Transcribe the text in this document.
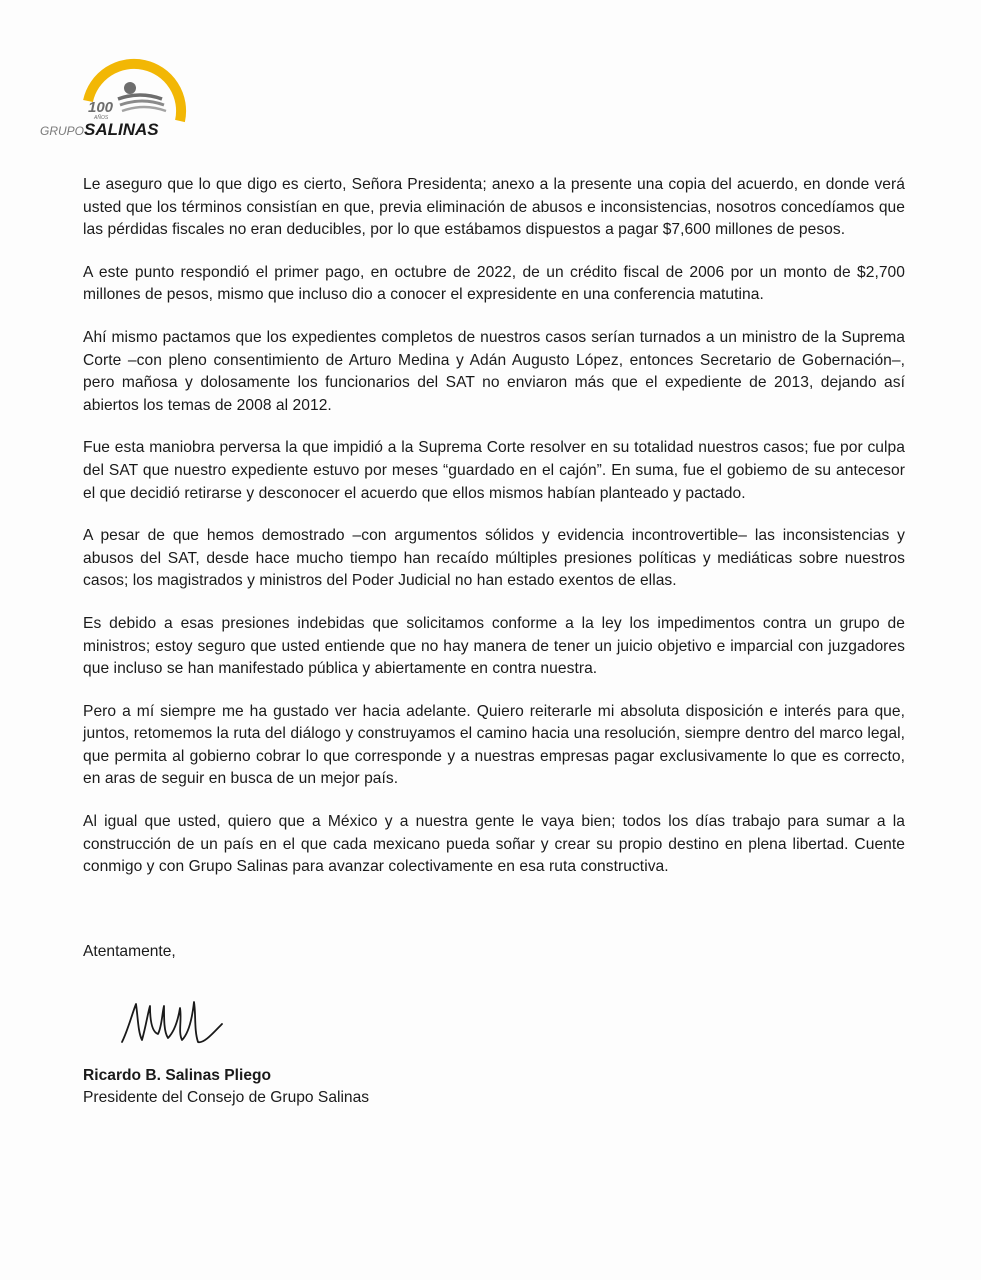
100
AÑOS
GRUPO SALINAS

Le aseguro que lo que digo es cierto, Señora Presidenta; anexo a la presente una copia del acuerdo, en donde verá usted que los términos consistían en que, previa eliminación de abusos e inconsistencias, nosotros concedíamos que las pérdidas fiscales no eran deducibles, por lo que estábamos dispuestos a pagar $7,600 millones de pesos.

A este punto respondió el primer pago, en octubre de 2022, de un crédito fiscal de 2006 por un monto de $2,700 millones de pesos, mismo que incluso dio a conocer el expresidente en una conferencia matutina.

Ahí mismo pactamos que los expedientes completos de nuestros casos serían turnados a un ministro de la Suprema Corte –con pleno consentimiento de Arturo Medina y Adán Augusto López, entonces Secretario de Gobernación–, pero mañosa y dolosamente los funcionarios del SAT no enviaron más que el expediente de 2013, dejando así abiertos los temas de 2008 al 2012.

Fue esta maniobra perversa la que impidió a la Suprema Corte resolver en su totalidad nuestros casos; fue por culpa del SAT que nuestro expediente estuvo por meses “guardado en el cajón”. En suma, fue el gobiemo de su antecesor el que decidió retirarse y desconocer el acuerdo que ellos mismos habían planteado y pactado.

A pesar de que hemos demostrado –con argumentos sólidos y evidencia incontrovertible– las inconsistencias y abusos del SAT, desde hace mucho tiempo han recaído múltiples presiones políticas y mediáticas sobre nuestros casos; los magistrados y ministros del Poder Judicial no han estado exentos de ellas.

Es debido a esas presiones indebidas que solicitamos conforme a la ley los impedimentos contra un grupo de ministros; estoy seguro que usted entiende que no hay manera de tener un juicio objetivo e imparcial con juzgadores que incluso se han manifestado pública y abiertamente en contra nuestra.

Pero a mí siempre me ha gustado ver hacia adelante. Quiero reiterarle mi absoluta disposición e interés para que, juntos, retomemos la ruta del diálogo y construyamos el camino hacia una resolución, siempre dentro del marco legal, que permita al gobierno cobrar lo que corresponde y a nuestras empresas pagar exclusivamente lo que es correcto, en aras de seguir en busca de un mejor país.

Al igual que usted, quiero que a México y a nuestra gente le vaya bien; todos los días trabajo para sumar a la construcción de un país en el que cada mexicano pueda soñar y crear su propio destino en plena libertad. Cuente conmigo y con Grupo Salinas para avanzar colectivamente en esa ruta constructiva.

Atentamente,

Ricardo B. Salinas Pliego
Presidente del Consejo de Grupo Salinas
